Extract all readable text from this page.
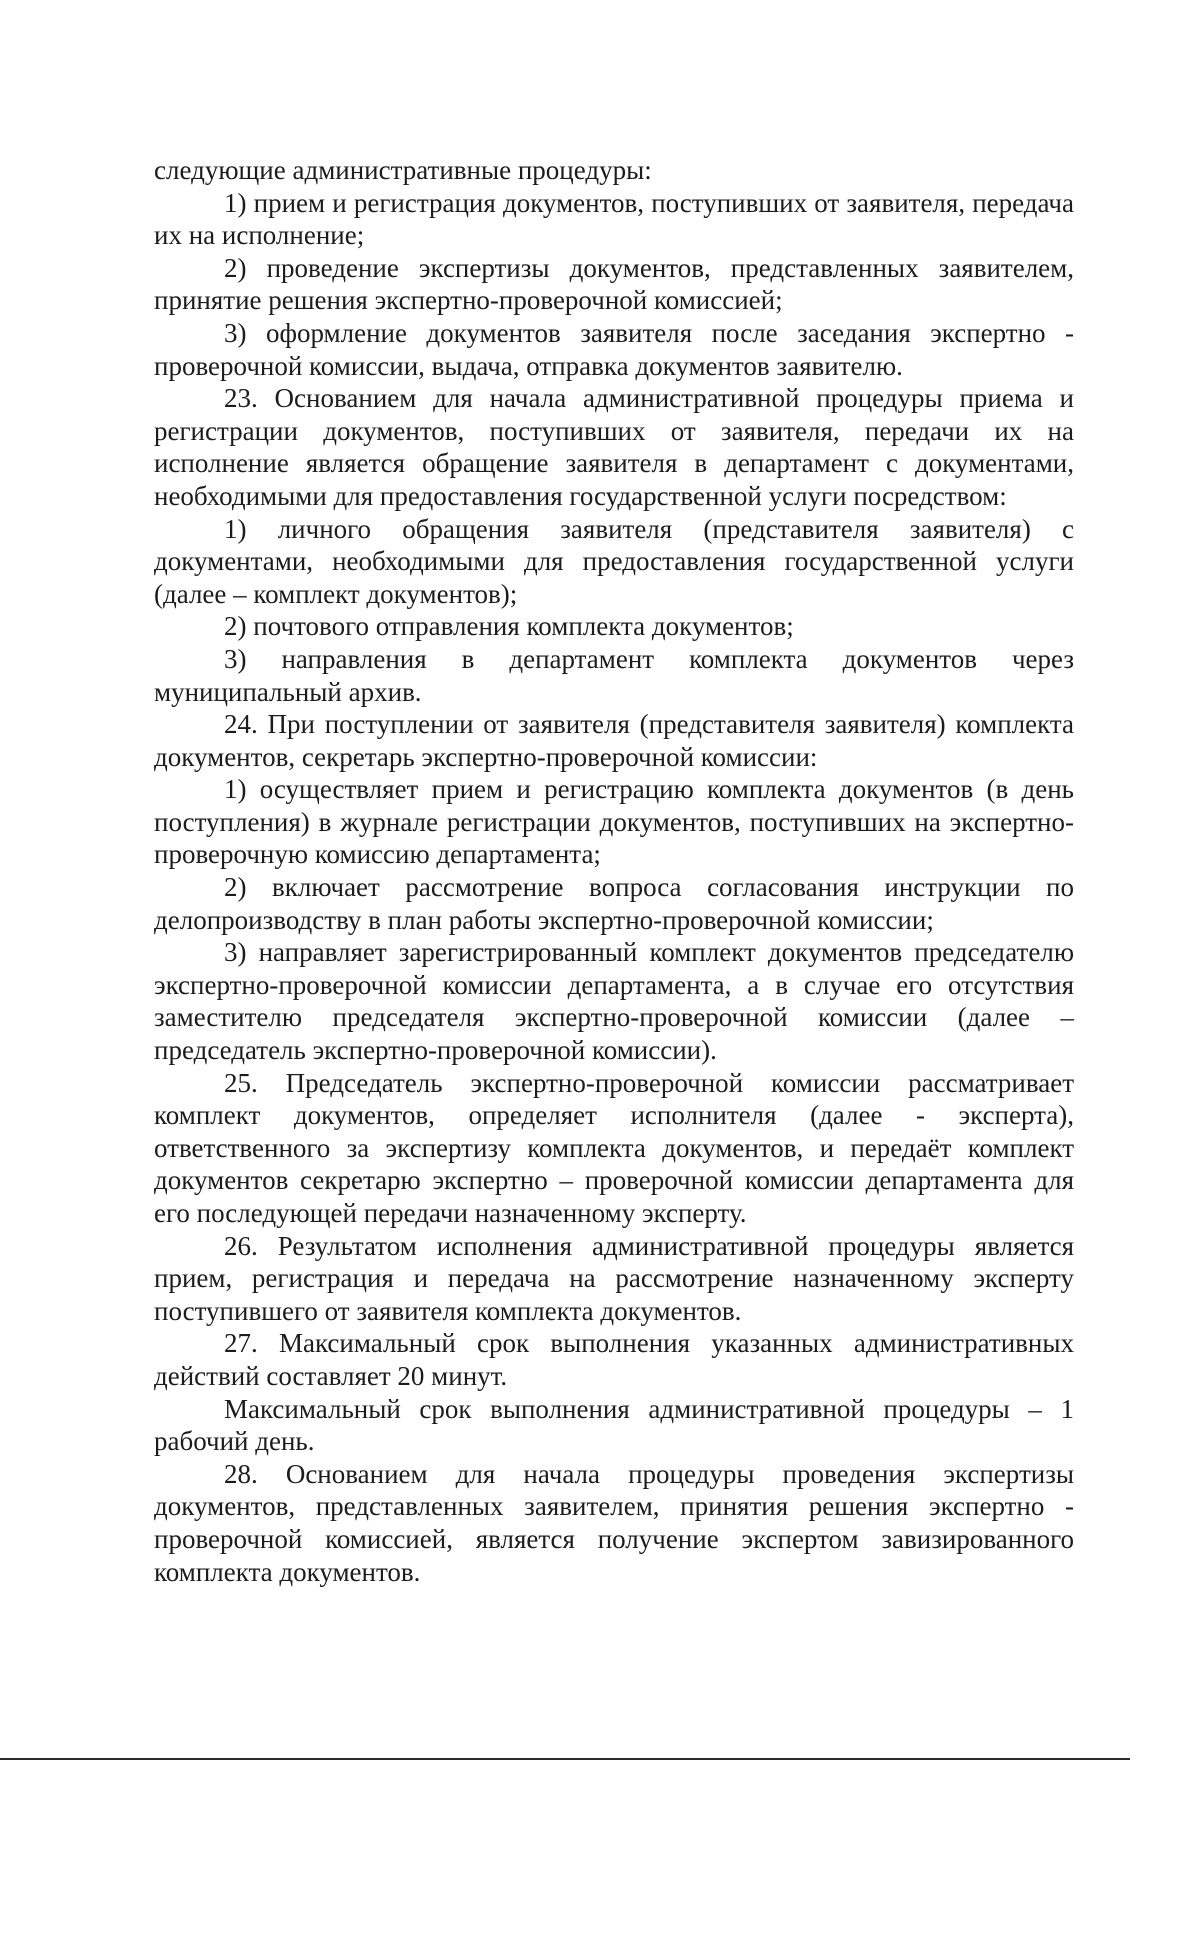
следующие административные процедуры:

1) прием и регистрация документов, поступивших от заявителя, передача их на исполнение;

2) проведение экспертизы документов, представленных заявителем, принятие решения экспертно-проверочной комиссией;

3) оформление документов заявителя после заседания экспертно - проверочной комиссии, выдача, отправка документов заявителю.

23. Основанием для начала административной процедуры приема и регистрации документов, поступивших от заявителя, передачи их на исполнение является обращение заявителя в департамент с документами, необходимыми для предоставления государственной услуги посредством:

1) личного обращения заявителя (представителя заявителя) с документами, необходимыми для предоставления государственной услуги (далее – комплект документов);

2) почтового отправления комплекта документов;

3) направления в департамент комплекта документов через муниципальный архив.

24. При поступлении от заявителя (представителя заявителя) комплекта документов, секретарь экспертно-проверочной комиссии:

1) осуществляет прием и регистрацию комплекта документов (в день поступления) в журнале регистрации документов, поступивших на экспертно-проверочную комиссию департамента;

2) включает рассмотрение вопроса согласования инструкции по делопроизводству в план работы экспертно-проверочной комиссии;

3) направляет зарегистрированный комплект документов председателю экспертно-проверочной комиссии департамента, а в случае его отсутствия заместителю председателя экспертно-проверочной комиссии (далее – председатель экспертно-проверочной комиссии).

25. Председатель экспертно-проверочной комиссии рассматривает комплект документов, определяет исполнителя (далее - эксперта), ответственного за экспертизу комплекта документов, и передаёт комплект документов секретарю экспертно – проверочной комиссии департамента для его последующей передачи назначенному эксперту.

26. Результатом исполнения административной процедуры является прием, регистрация и передача на рассмотрение назначенному эксперту поступившего от заявителя комплекта документов.

27. Максимальный срок выполнения указанных административных действий составляет 20 минут.

Максимальный срок выполнения административной процедуры – 1 рабочий день.

28. Основанием для начала процедуры проведения экспертизы документов, представленных заявителем, принятия решения экспертно - проверочной комиссией, является получение экспертом завизированного комплекта документов.
